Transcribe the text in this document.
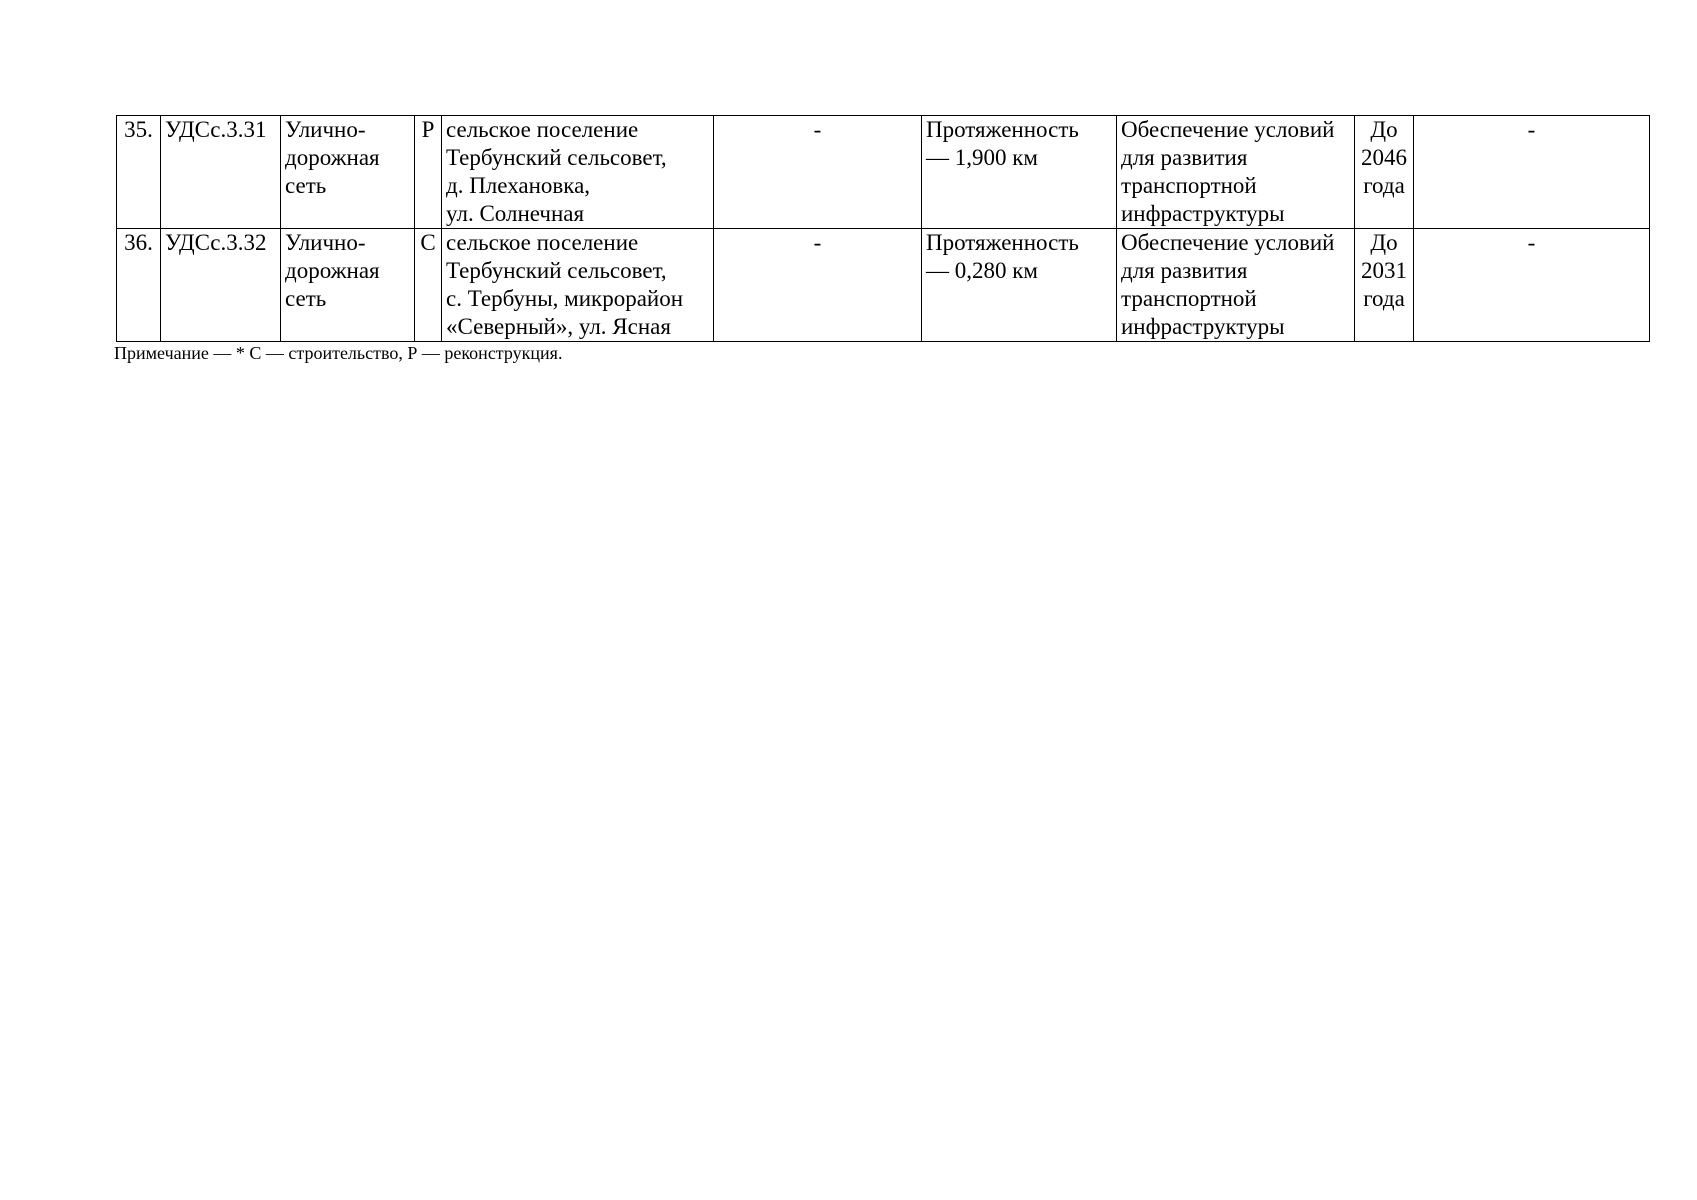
35.	УДСс.3.31	Улично-
дорожная
сеть	Р	сельское поселение
Тербунский сельсовет,
д. Плехановка,
ул. Солнечная	-	Протяженность
— 1,900 км	Обеспечение условий
для развития
транспортной
инфраструктуры	До
2046
года	-
36.	УДСс.3.32	Улично-
дорожная
сеть	С	сельское поселение
Тербунский сельсовет,
с. Тербуны, микрорайон
«Северный», ул. Ясная	-	Протяженность
— 0,280 км	Обеспечение условий
для развития
транспортной
инфраструктуры	До
2031
года	-
Примечание — * С — строительство, Р — реконструкция.
